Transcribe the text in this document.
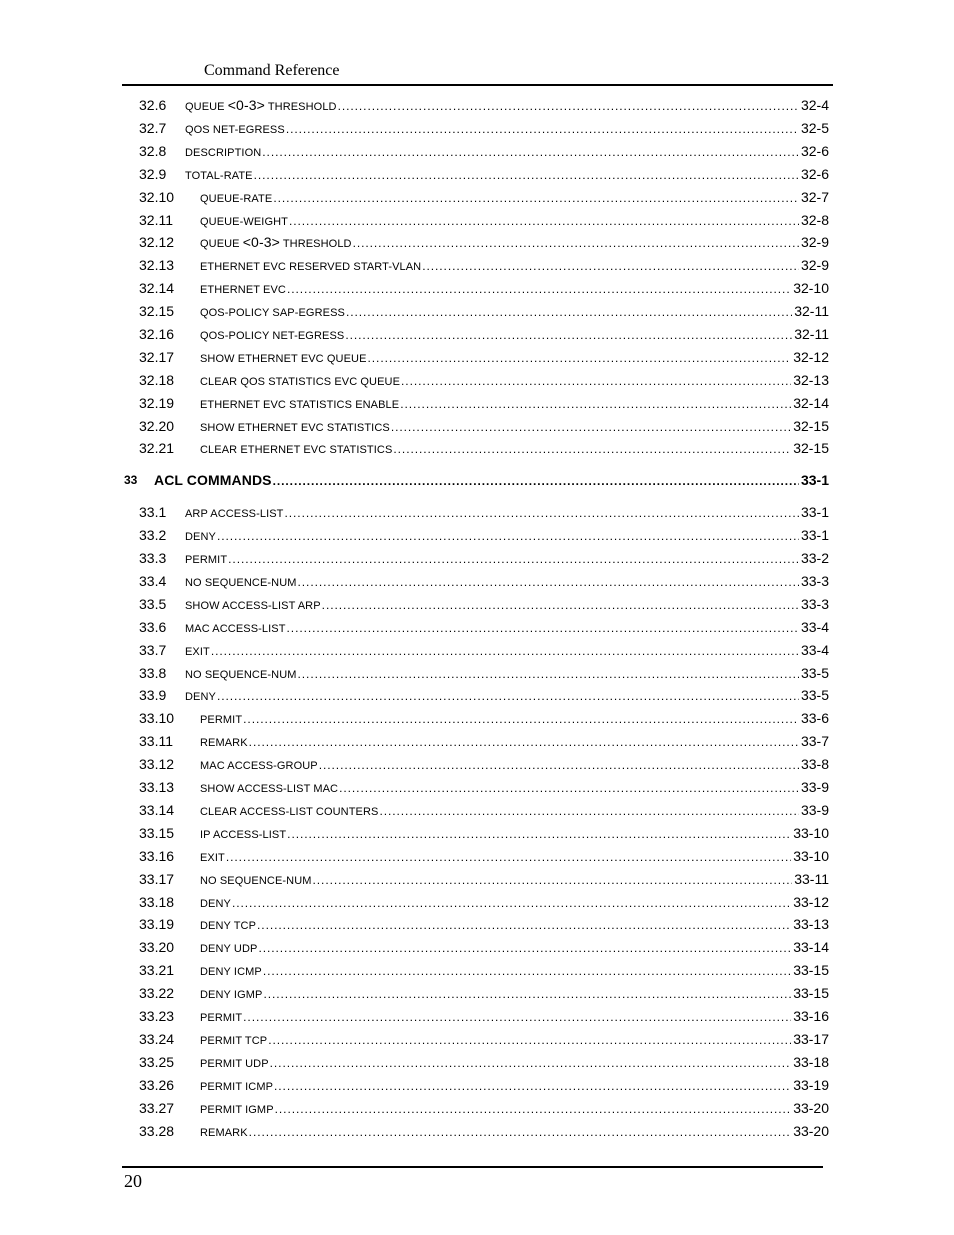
Command Reference
32.6 QUEUE <0-3> THRESHOLD . . .	32-4
32.7 QOS NET-EGRESS . . .	32-5
32.8 DESCRIPTION . . .	32-6
32.9 TOTAL-RATE . . .	32-6
32.10 QUEUE-RATE . . .	32-7
32.11 QUEUE-WEIGHT . . .	32-8
32.12 QUEUE <0-3> THRESHOLD . . .	32-9
32.13 ETHERNET EVC RESERVED START-VLAN . . .	32-9
32.14 ETHERNET EVC . . .	32-10
32.15 QOS-POLICY SAP-EGRESS . . .	32-11
32.16 QOS-POLICY NET-EGRESS . . .	32-11
32.17 SHOW ETHERNET EVC QUEUE . . .	32-12
32.18 CLEAR QOS STATISTICS EVC QUEUE . . .	32-13
32.19 ETHERNET EVC STATISTICS ENABLE . . .	32-14
32.20 SHOW ETHERNET EVC STATISTICS . . .	32-15
32.21 CLEAR ETHERNET EVC STATISTICS . . .	32-15
33 ACL COMMANDS . . .	33-1
33.1 ARP ACCESS-LIST . . .	33-1
33.2 DENY . . .	33-1
33.3 PERMIT . . .	33-2
33.4 NO SEQUENCE-NUM . . .	33-3
33.5 SHOW ACCESS-LIST ARP . . .	33-3
33.6 MAC ACCESS-LIST . . .	33-4
33.7 EXIT . . .	33-4
33.8 NO SEQUENCE-NUM . . .	33-5
33.9 DENY . . .	33-5
33.10 PERMIT . . .	33-6
33.11 REMARK . . .	33-7
33.12 MAC ACCESS-GROUP . . .	33-8
33.13 SHOW ACCESS-LIST MAC . . .	33-9
33.14 CLEAR ACCESS-LIST COUNTERS . . .	33-9
33.15 IP ACCESS-LIST . . .	33-10
33.16 EXIT . . .	33-10
33.17 NO SEQUENCE-NUM . . .	33-11
33.18 DENY . . .	33-12
33.19 DENY TCP . . .	33-13
33.20 DENY UDP . . .	33-14
33.21 DENY ICMP . . .	33-15
33.22 DENY IGMP . . .	33-15
33.23 PERMIT . . .	33-16
33.24 PERMIT TCP . . .	33-17
33.25 PERMIT UDP . . .	33-18
33.26 PERMIT ICMP . . .	33-19
33.27 PERMIT IGMP . . .	33-20
33.28 REMARK . . .	33-20
20
